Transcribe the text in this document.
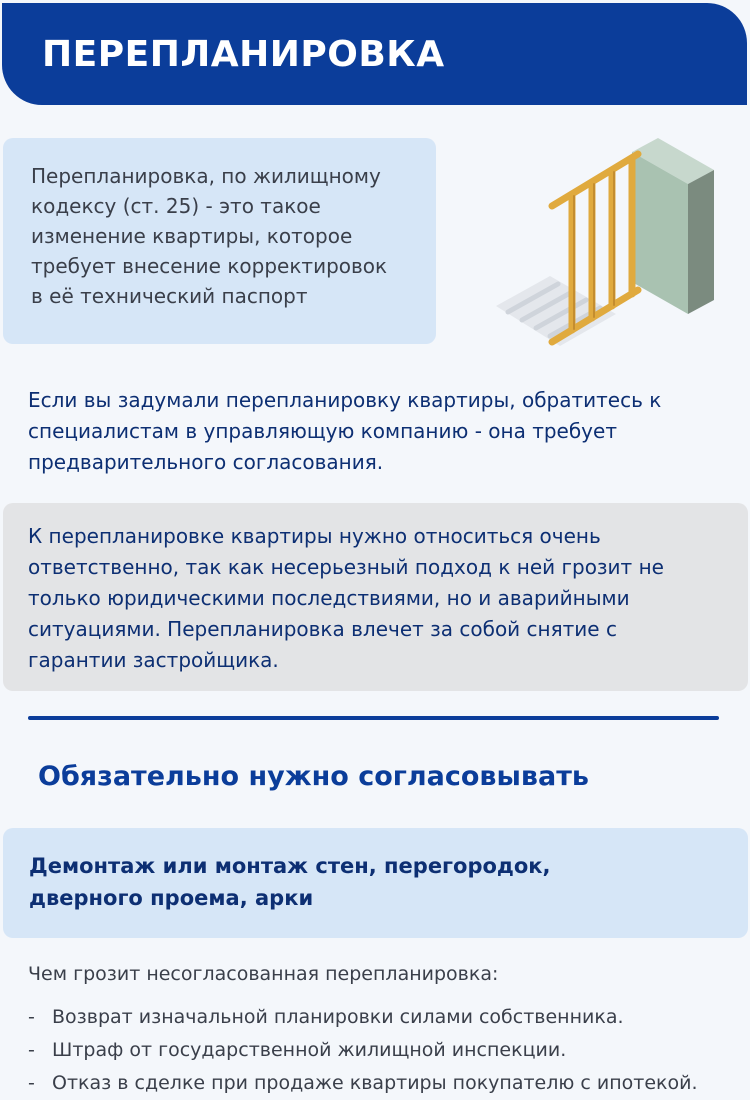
ПЕРЕПЛАНИРОВКА

Перепланировка, по жилищному
кодексу (ст. 25) - это такое
изменение квартиры, которое
требует внесение корректировок
в её технический паспорт

Если вы задумали перепланировку квартиры, обратитесь к
специалистам в управляющую компанию - она требует
предварительного согласования.

К перепланировке квартиры нужно относиться очень
ответственно, так как несерьезный подход к ней грозит не
только юридическими последствиями, но и аварийными
ситуациями. Перепланировка влечет за собой снятие с
гарантии застройщика.

Обязательно нужно согласовывать

Демонтаж или монтаж стен, перегородок,
дверного проема, арки

Чем грозит несогласованная перепланировка:

- Возврат изначальной планировки силами собственника.
- Штраф от государственной жилищной инспекции.
- Отказ в сделке при продаже квартиры покупателю с ипотекой.
